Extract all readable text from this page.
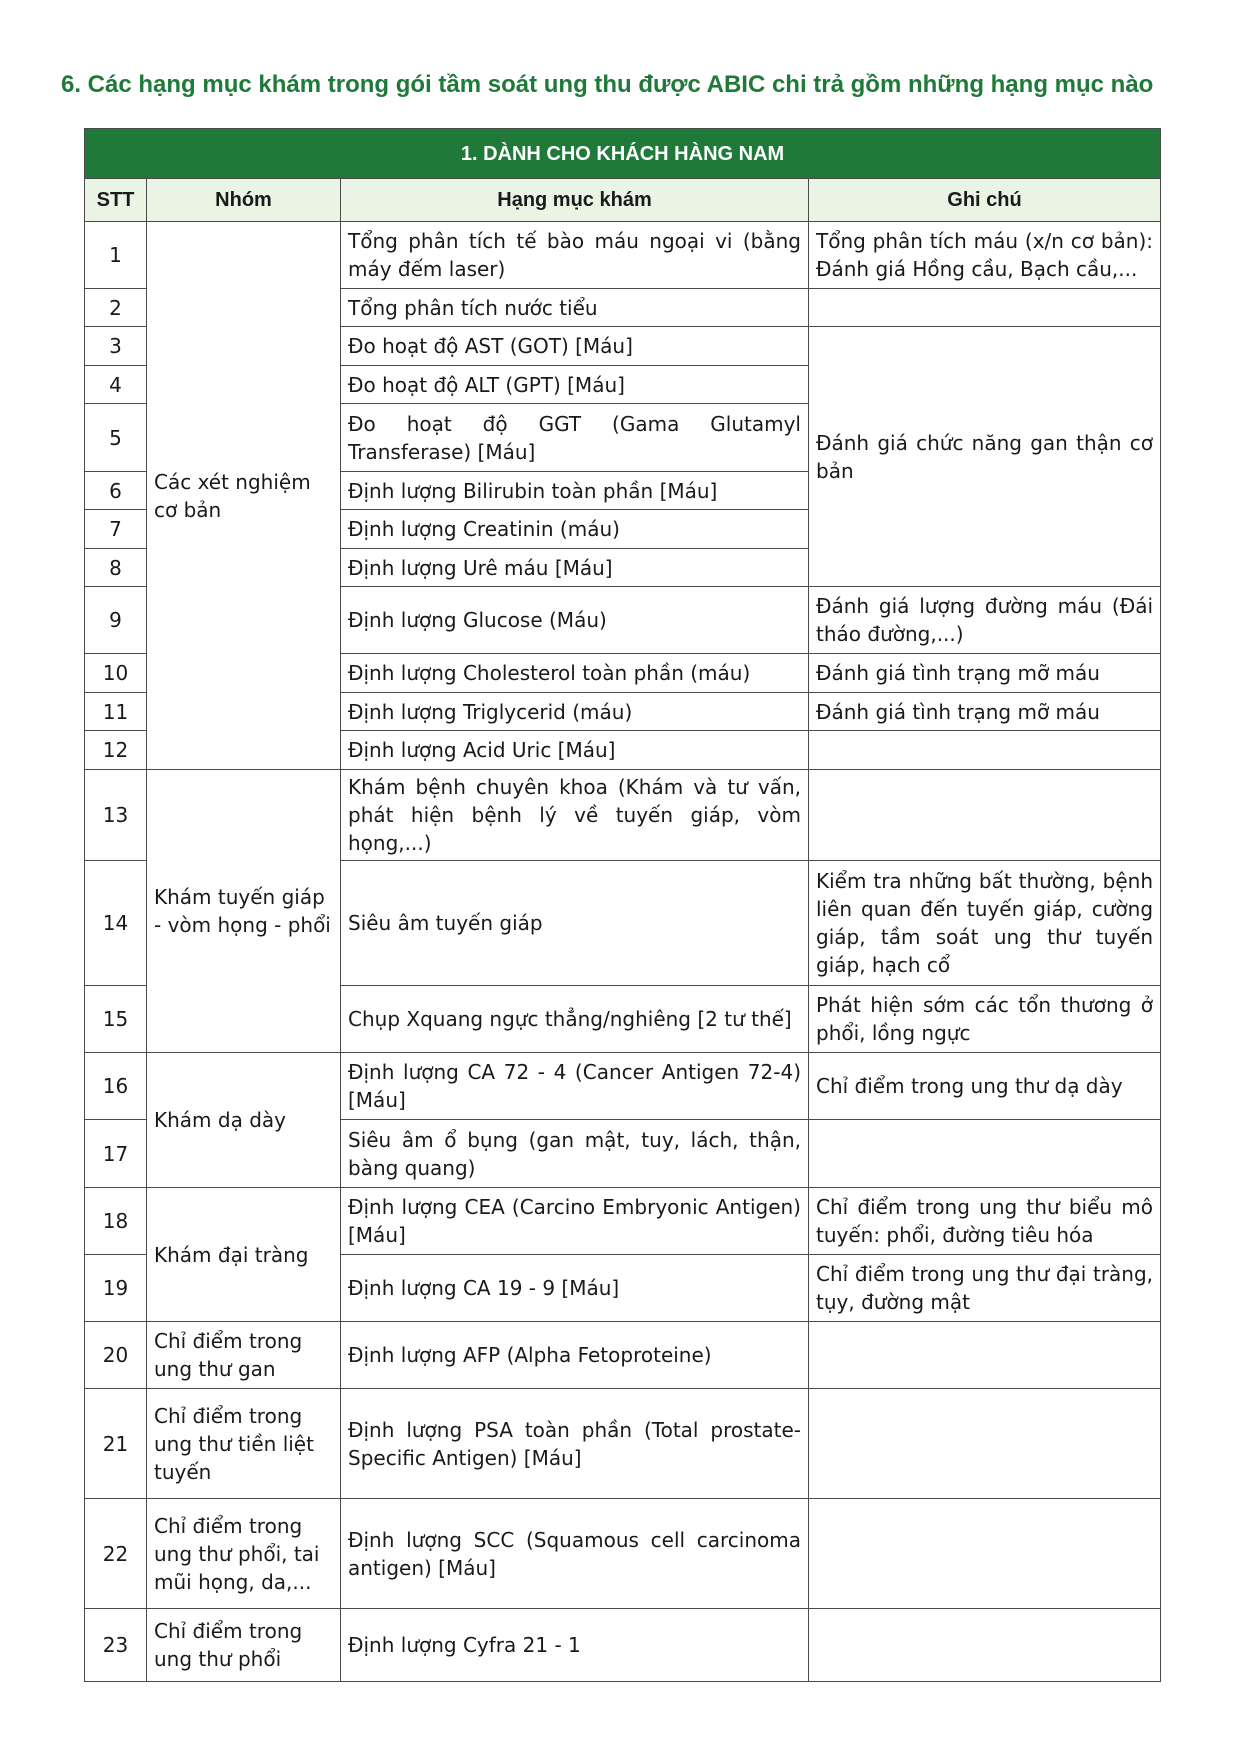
6. Các hạng mục khám trong gói tầm soát ung thu được ABIC chi trả gồm những hạng mục nào
1. DÀNH CHO KHÁCH HÀNG NAM			
STT	Nhóm	Hạng mục khám	Ghi chú
1	Các xét nghiệm cơ bản	Tổng phân tích tế bào máu ngoại vi (bằng máy đếm laser)	Tổng phân tích máu (x/n cơ bản): Đánh giá Hồng cầu, Bạch cầu,...
2		Tổng phân tích nước tiểu	
3		Đo hoạt độ AST (GOT) [Máu]	Đánh giá chức năng gan thận cơ bản
4		Đo hoạt độ ALT (GPT) [Máu]	
5		Đo hoạt độ GGT (Gama Glutamyl Transferase) [Máu]	
6		Định lượng Bilirubin toàn phần [Máu]	
7		Định lượng Creatinin (máu)	
8		Định lượng Urê máu [Máu]	
9		Định lượng Glucose (Máu)	Đánh giá lượng đường máu (Đái tháo đường,...)
10		Định lượng Cholesterol toàn phần (máu)	Đánh giá tình trạng mỡ máu
11		Định lượng Triglycerid (máu)	Đánh giá tình trạng mỡ máu
12		Định lượng Acid Uric [Máu]	
13	Khám tuyến giáp - vòm họng - phổi	Khám bệnh chuyên khoa (Khám và tư vấn, phát hiện bệnh lý về tuyến giáp, vòm họng,...)	
14		Siêu âm tuyến giáp	Kiểm tra những bất thường, bệnh liên quan đến tuyến giáp, cường giáp, tầm soát ung thư tuyến giáp, hạch cổ
15		Chụp Xquang ngực thẳng/nghiêng [2 tư thế]	Phát hiện sớm các tổn thương ở phổi, lồng ngực
16	Khám dạ dày	Định lượng CA 72 - 4 (Cancer Antigen 72-4) [Máu]	Chỉ điểm trong ung thư dạ dày
17		Siêu âm ổ bụng (gan mật, tuy, lách, thận, bàng quang)	
18	Khám đại tràng	Định lượng CEA (Carcino Embryonic Antigen) [Máu]	Chỉ điểm trong ung thư biểu mô tuyến: phổi, đường tiêu hóa
19		Định lượng CA 19 - 9 [Máu]	Chỉ điểm trong ung thư đại tràng, tụy, đường mật
20	Chỉ điểm trong ung thư gan	Định lượng AFP (Alpha Fetoproteine)	
21	Chỉ điểm trong ung thư tiền liệt tuyến	Định lượng PSA toàn phần (Total prostate-Specific Antigen) [Máu]	
22	Chỉ điểm trong ung thư phổi, tai mũi họng, da,...	Định lượng SCC (Squamous cell carcinoma antigen) [Máu]	
23	Chỉ điểm trong ung thư phổi	Định lượng Cyfra 21 - 1	
